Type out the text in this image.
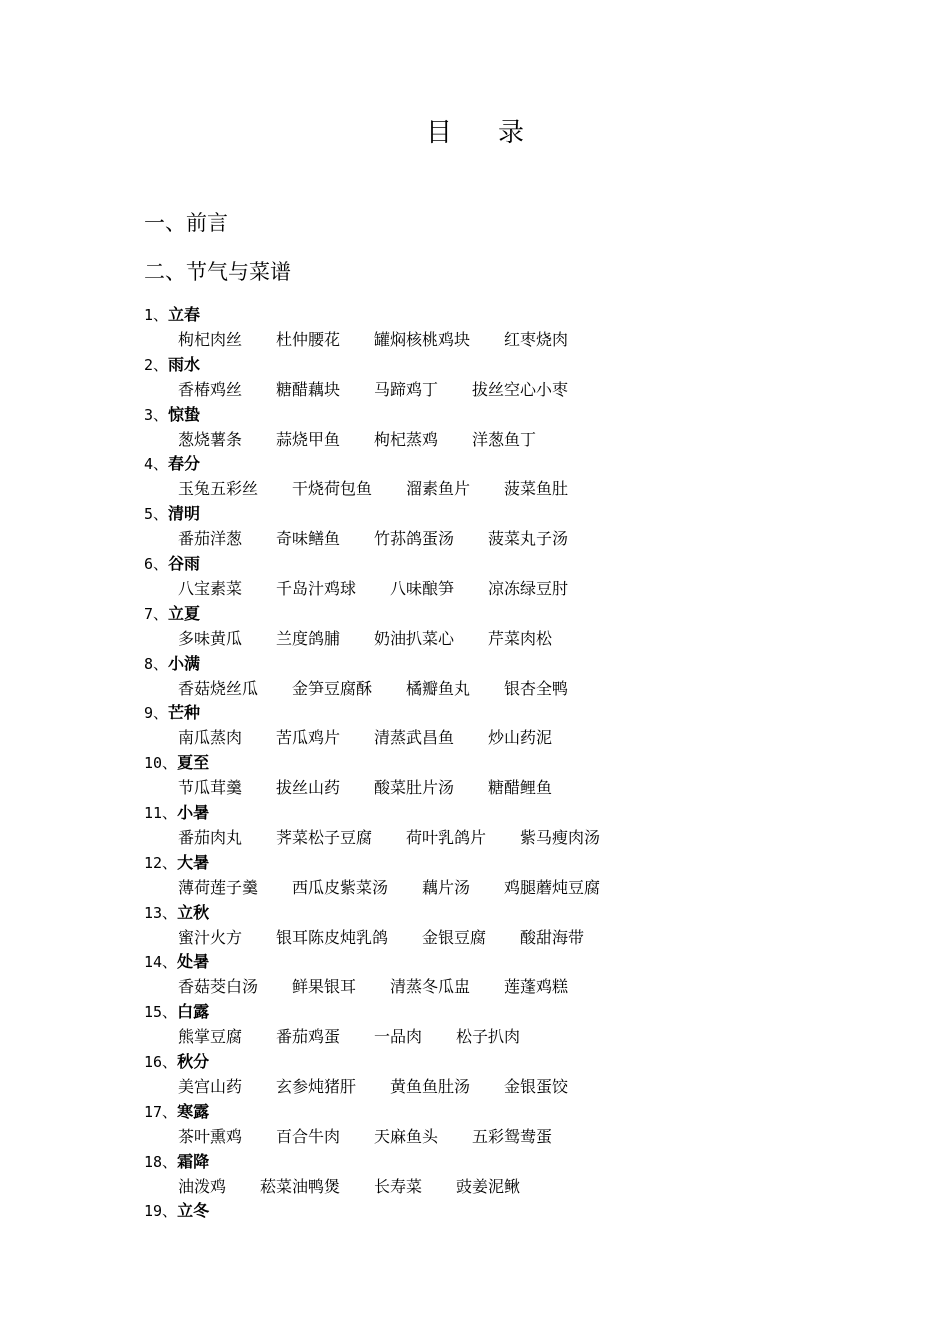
目 录
一、前言
二、节气与菜谱
1、立春
枸杞肉丝 杜仲腰花 罐焖核桃鸡块 红枣烧肉
2、雨水
香椿鸡丝 糖醋藕块 马蹄鸡丁 拔丝空心小枣
3、惊蛰
葱烧薯条 蒜烧甲鱼 枸杞蒸鸡 洋葱鱼丁
4、春分
玉兔五彩丝 干烧荷包鱼 溜素鱼片 菠菜鱼肚
5、清明
番茄洋葱 奇味鳝鱼 竹荪鸽蛋汤 菠菜丸子汤
6、谷雨
八宝素菜 千岛汁鸡球 八味酿笋 凉冻绿豆肘
7、立夏
多味黄瓜 兰度鸽脯 奶油扒菜心 芹菜肉松
8、小满
香菇烧丝瓜 金笋豆腐酥 橘瓣鱼丸 银杏全鸭
9、芒种
南瓜蒸肉 苦瓜鸡片 清蒸武昌鱼 炒山药泥
10、夏至
节瓜茸羹 拔丝山药 酸菜肚片汤 糖醋鲤鱼
11、小暑
番茄肉丸 荠菜松子豆腐 荷叶乳鸽片 紫马瘦肉汤
12、大暑
薄荷莲子羹 西瓜皮紫菜汤 藕片汤 鸡腿蘑炖豆腐
13、立秋
蜜汁火方 银耳陈皮炖乳鸽 金银豆腐 酸甜海带
14、处暑
香菇茭白汤 鲜果银耳 清蒸冬瓜盅 莲蓬鸡糕
15、白露
熊掌豆腐 番茄鸡蛋 一品肉 松子扒肉
16、秋分
美宫山药 玄参炖猪肝 黄鱼鱼肚汤 金银蛋饺
17、寒露
茶叶熏鸡 百合牛肉 天麻鱼头 五彩鸳鸯蛋
18、霜降
油泼鸡 菘菜油鸭煲 长寿菜 豉姜泥鳅
19、立冬
